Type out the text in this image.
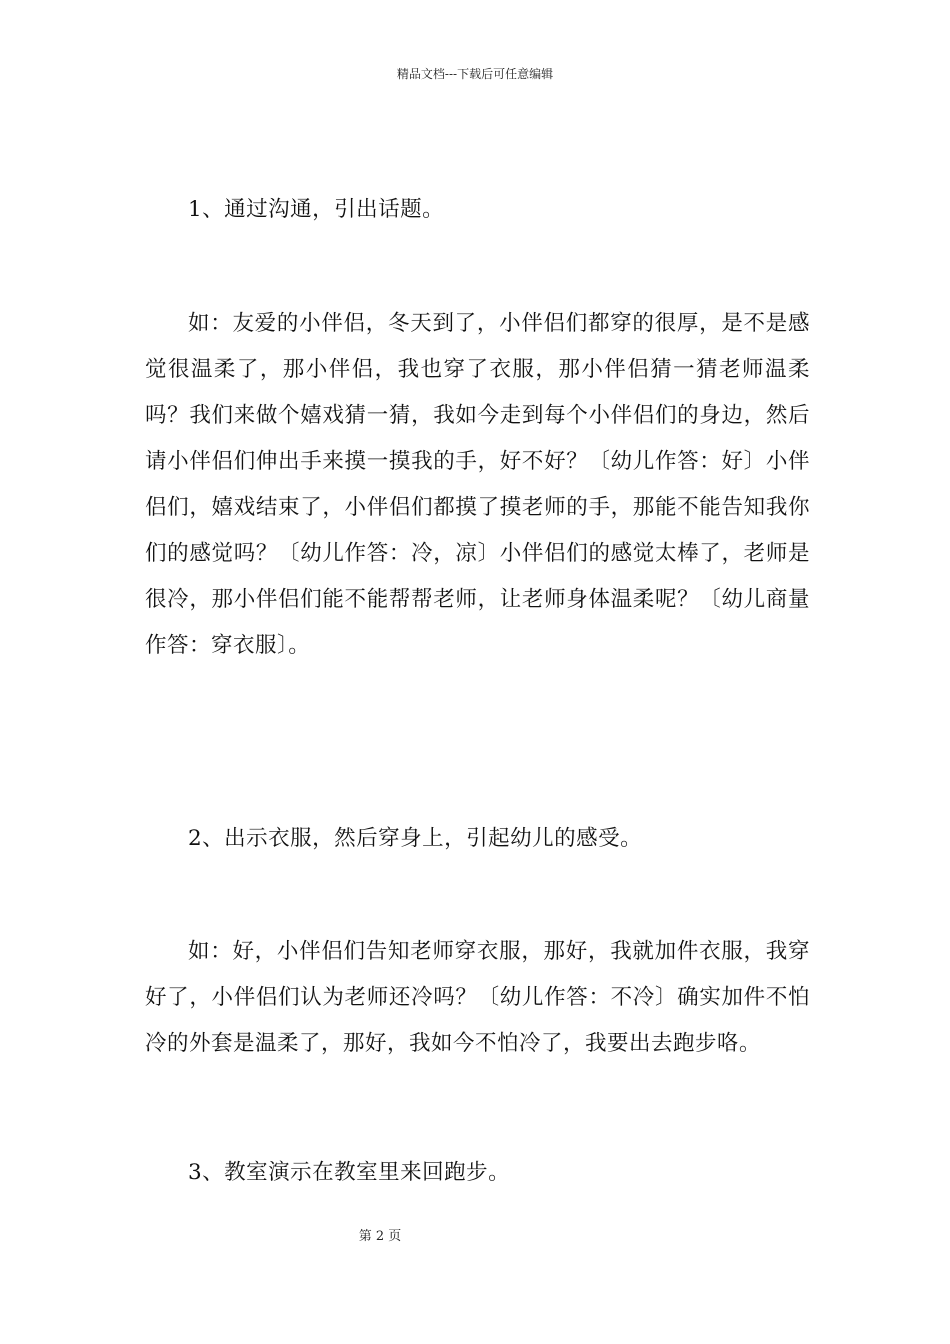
精品文档---下载后可任意编辑

1、通过沟通，引出话题。

如：友爱的小伴侣，冬天到了，小伴侣们都穿的很厚，是不是感觉很温柔了，那小伴侣，我也穿了衣服，那小伴侣猜一猜老师温柔吗？我们来做个嬉戏猜一猜，我如今走到每个小伴侣们的身边，然后请小伴侣们伸出手来摸一摸我的手，好不好？〔幼儿作答：好〕小伴侣们，嬉戏结束了，小伴侣们都摸了摸老师的手，那能不能告知我你们的感觉吗？〔幼儿作答：冷，凉〕小伴侣们的感觉太棒了，老师是很冷，那小伴侣们能不能帮帮老师，让老师身体温柔呢？〔幼儿商量作答：穿衣服〕。

2、出示衣服，然后穿身上，引起幼儿的感受。

如：好，小伴侣们告知老师穿衣服，那好，我就加件衣服，我穿好了，小伴侣们认为老师还冷吗？〔幼儿作答：不冷〕确实加件不怕冷的外套是温柔了，那好，我如今不怕冷了，我要出去跑步咯。

3、教室演示在教室里来回跑步。

第 2 页
